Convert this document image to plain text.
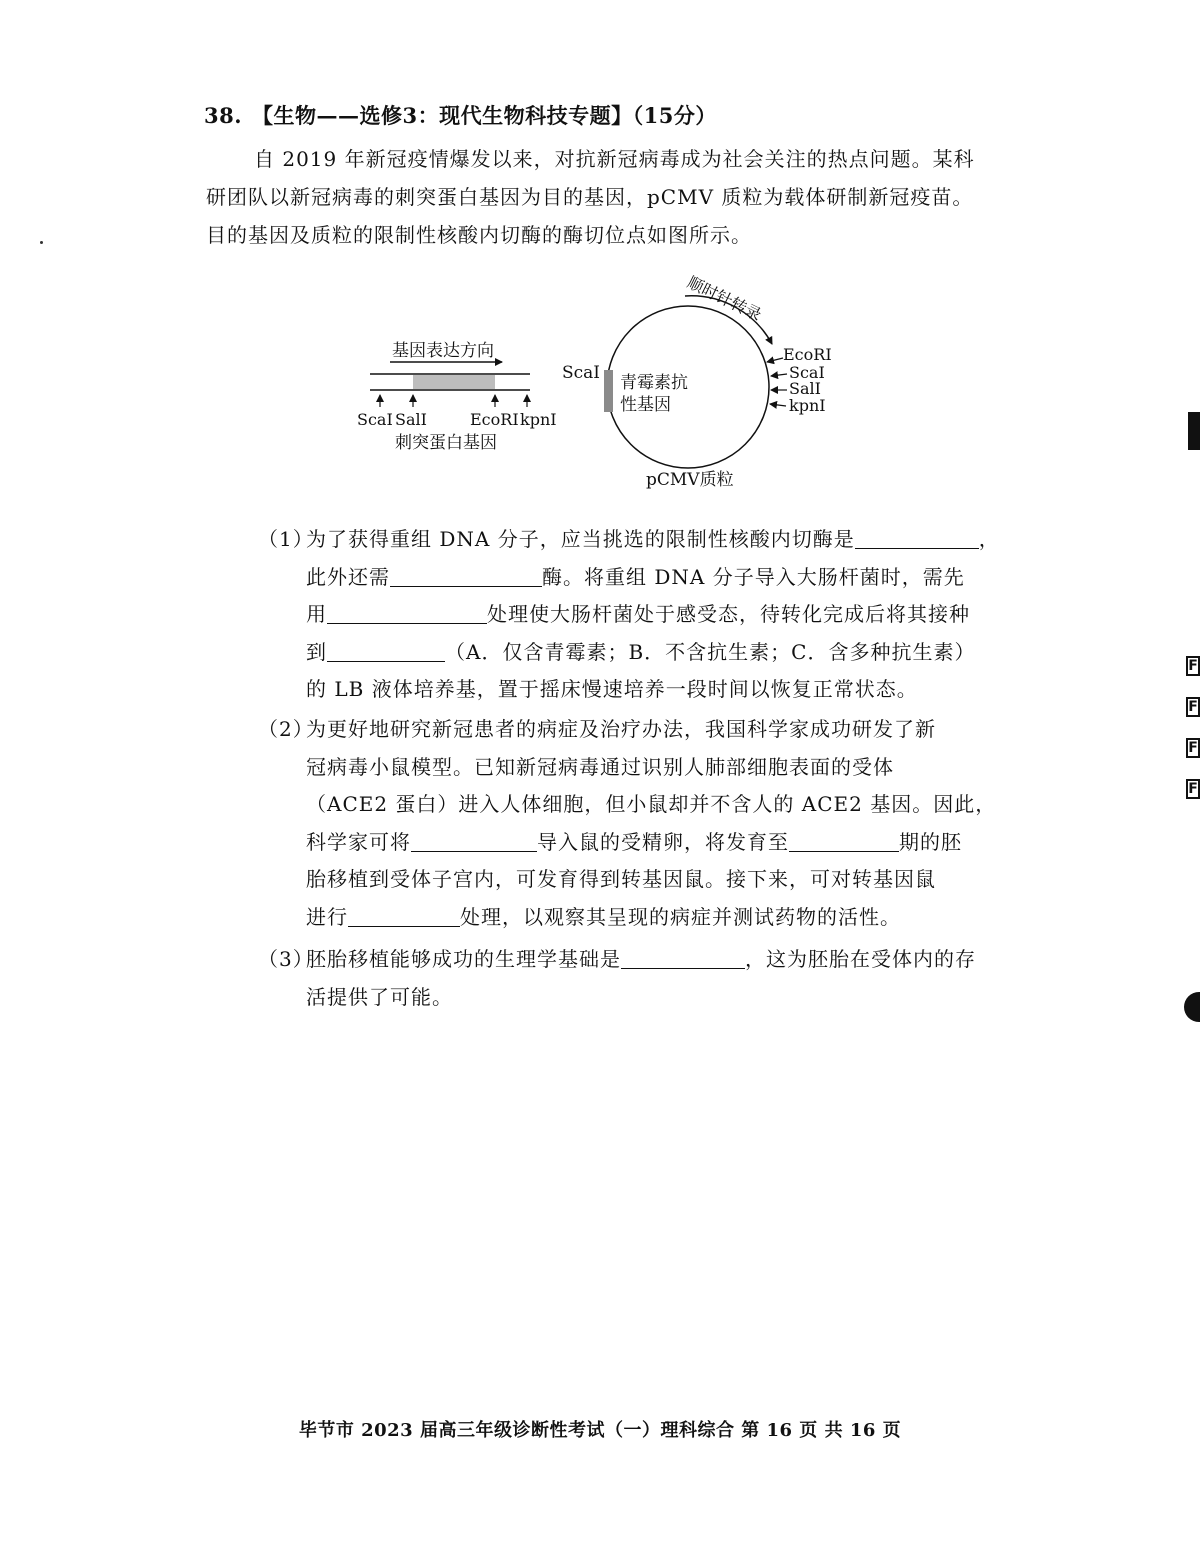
38. 【生物——选修3：现代生物科技专题】（15分）
自 2019 年新冠疫情爆发以来，对抗新冠病毒成为社会关注的热点问题。某科
研团队以新冠病毒的刺突蛋白基因为目的基因，pCMV 质粒为载体研制新冠疫苗。
目的基因及质粒的限制性核酸内切酶的酶切位点如图所示。
基因表达方向
ScaI SalI	EcoRI kpnI
刺突蛋白基因
ScaI 青霉素抗
性基因
顺时针转录
EcoRI
ScaI
SalI
kpnI
pCMV质粒
（1）
为了获得重组 DNA 分子，应当挑选的限制性核酸内切酶是	，
此外还需	酶。将重组 DNA 分子导入大肠杆菌时，需先
用	处理使大肠杆菌处于感受态，待转化完成后将其接种
到	（A．仅含青霉素；B．不含抗生素；C．含多种抗生素）
的 LB 液体培养基，置于摇床慢速培养一段时间以恢复正常状态。
（2）
为更好地研究新冠患者的病症及治疗办法，我国科学家成功研发了新
冠病毒小鼠模型。已知新冠病毒通过识别人肺部细胞表面的受体
（ACE2 蛋白）进入人体细胞，但小鼠却并不含人的 ACE2 基因。因此，
科学家可将	导入鼠的受精卵，将发育至	期的胚
胎移植到受体子宫内，可发育得到转基因鼠。接下来，可对转基因鼠
进行	处理，以观察其呈现的病症并测试药物的活性。
（3）
胚胎移植能够成功的生理学基础是	，这为胚胎在受体内的存
活提供了可能。
毕节市 2023 届高三年级诊断性考试（一）理科综合 第 16 页 共 16 页
F
F
F
F
